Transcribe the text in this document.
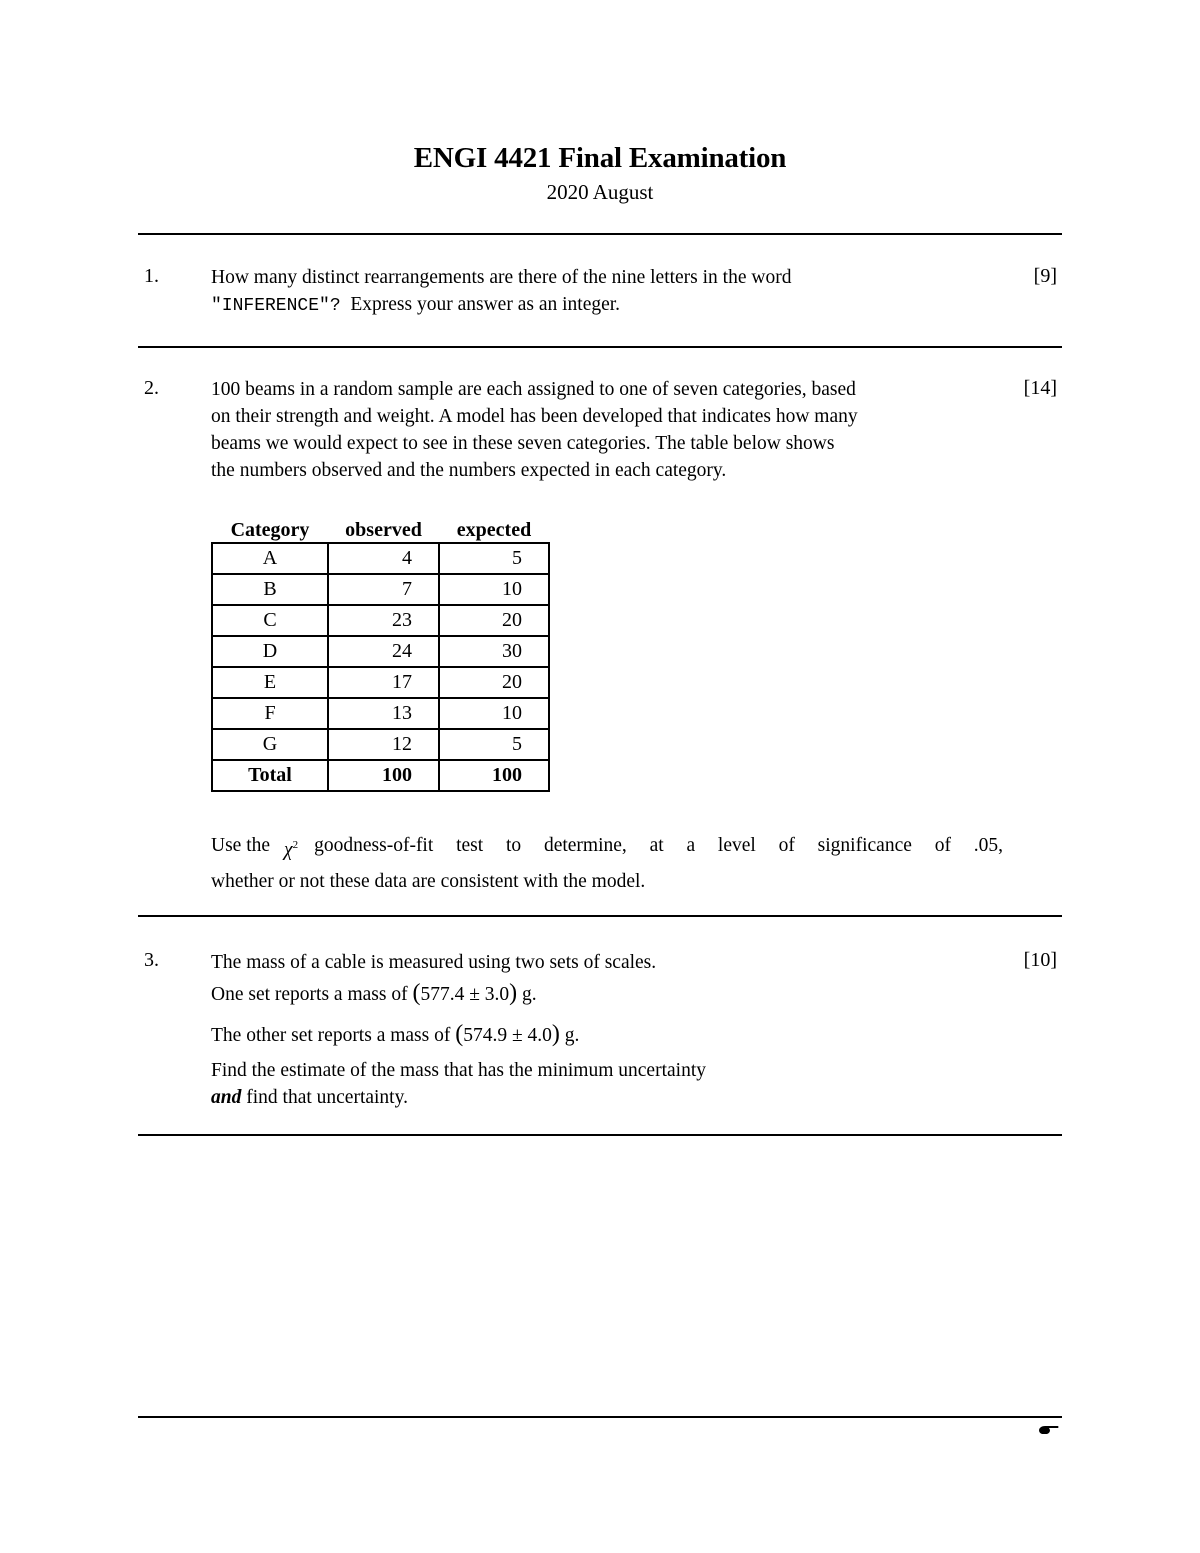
ENGI 4421 Final Examination
2020 August
1.	[9]

How many distinct rearrangements are there of the nine letters in the word

"INFERENCE"? Express your answer as an integer.

2.	[14]

100 beams in a random sample are each assigned to one of seven categories, based

on their strength and weight. A model has been developed that indicates how many

beams we would expect to see in these seven categories. The table below shows

the numbers observed and the numbers expected in each category.

Category	observed	expected
A	4	5
B	7	10
C	23	20
D	24	30
E	17	20
F	13	10
G	12	5
Total	100	100
Use the $\chi^2$ goodness-of-fit test to determine, at a level of significance of .05,
whether or not these data are consistent with the model.
3.	[10]

The mass of a cable is measured using two sets of scales.

One set reports a mass of (577.4 ± 3.0) g.

The other set reports a mass of (574.9 ± 4.0) g.

Find the estimate of the mass that has the minimum uncertainty

and find that uncertainty.
